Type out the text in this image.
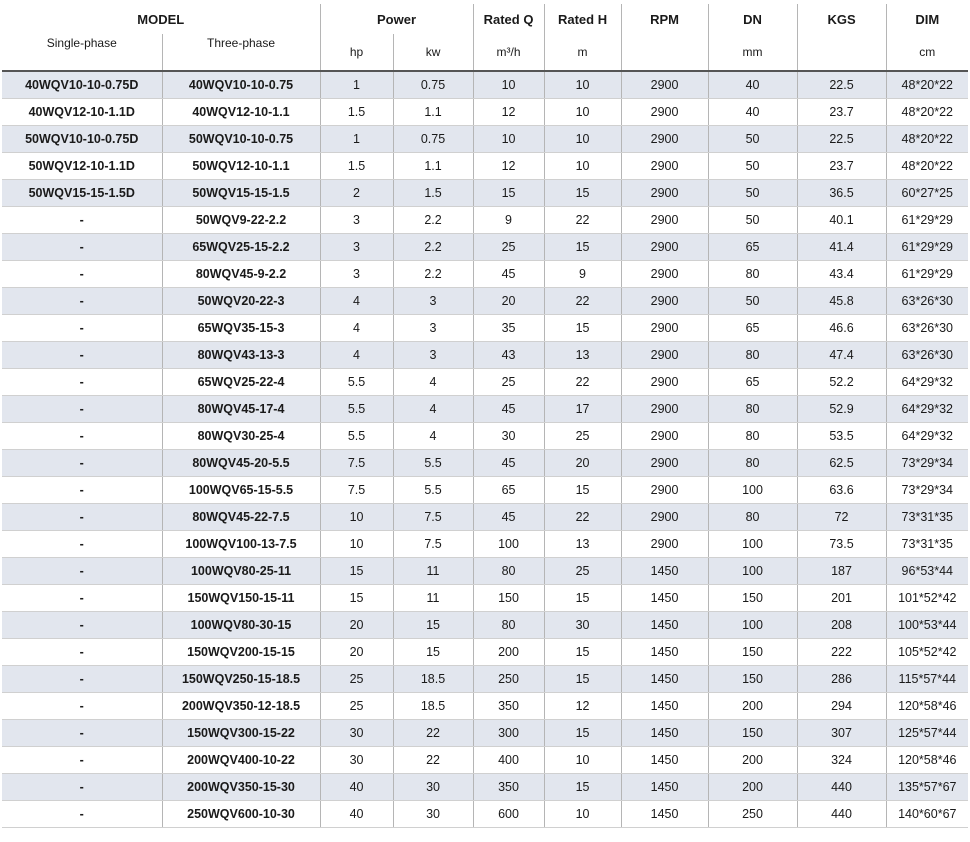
MODEL		Power		Rated Q	Rated H	RPM	DN	KGS	DIM
Single-phase	Three-phase	hp	kw	m³/h	m		mm		cm
40WQV10-10-0.75D	40WQV10-10-0.75	1	0.75	10	10	2900	40	22.5	48*20*22
40WQV12-10-1.1D	40WQV12-10-1.1	1.5	1.1	12	10	2900	40	23.7	48*20*22
50WQV10-10-0.75D	50WQV10-10-0.75	1	0.75	10	10	2900	50	22.5	48*20*22
50WQV12-10-1.1D	50WQV12-10-1.1	1.5	1.1	12	10	2900	50	23.7	48*20*22
50WQV15-15-1.5D	50WQV15-15-1.5	2	1.5	15	15	2900	50	36.5	60*27*25
-	50WQV9-22-2.2	3	2.2	9	22	2900	50	40.1	61*29*29
-	65WQV25-15-2.2	3	2.2	25	15	2900	65	41.4	61*29*29
-	80WQV45-9-2.2	3	2.2	45	9	2900	80	43.4	61*29*29
-	50WQV20-22-3	4	3	20	22	2900	50	45.8	63*26*30
-	65WQV35-15-3	4	3	35	15	2900	65	46.6	63*26*30
-	80WQV43-13-3	4	3	43	13	2900	80	47.4	63*26*30
-	65WQV25-22-4	5.5	4	25	22	2900	65	52.2	64*29*32
-	80WQV45-17-4	5.5	4	45	17	2900	80	52.9	64*29*32
-	80WQV30-25-4	5.5	4	30	25	2900	80	53.5	64*29*32
-	80WQV45-20-5.5	7.5	5.5	45	20	2900	80	62.5	73*29*34
-	100WQV65-15-5.5	7.5	5.5	65	15	2900	100	63.6	73*29*34
-	80WQV45-22-7.5	10	7.5	45	22	2900	80	72	73*31*35
-	100WQV100-13-7.5	10	7.5	100	13	2900	100	73.5	73*31*35
-	100WQV80-25-11	15	11	80	25	1450	100	187	96*53*44
-	150WQV150-15-11	15	11	150	15	1450	150	201	101*52*42
-	100WQV80-30-15	20	15	80	30	1450	100	208	100*53*44
-	150WQV200-15-15	20	15	200	15	1450	150	222	105*52*42
-	150WQV250-15-18.5	25	18.5	250	15	1450	150	286	115*57*44
-	200WQV350-12-18.5	25	18.5	350	12	1450	200	294	120*58*46
-	150WQV300-15-22	30	22	300	15	1450	150	307	125*57*44
-	200WQV400-10-22	30	22	400	10	1450	200	324	120*58*46
-	200WQV350-15-30	40	30	350	15	1450	200	440	135*57*67
-	250WQV600-10-30	40	30	600	10	1450	250	440	140*60*67
